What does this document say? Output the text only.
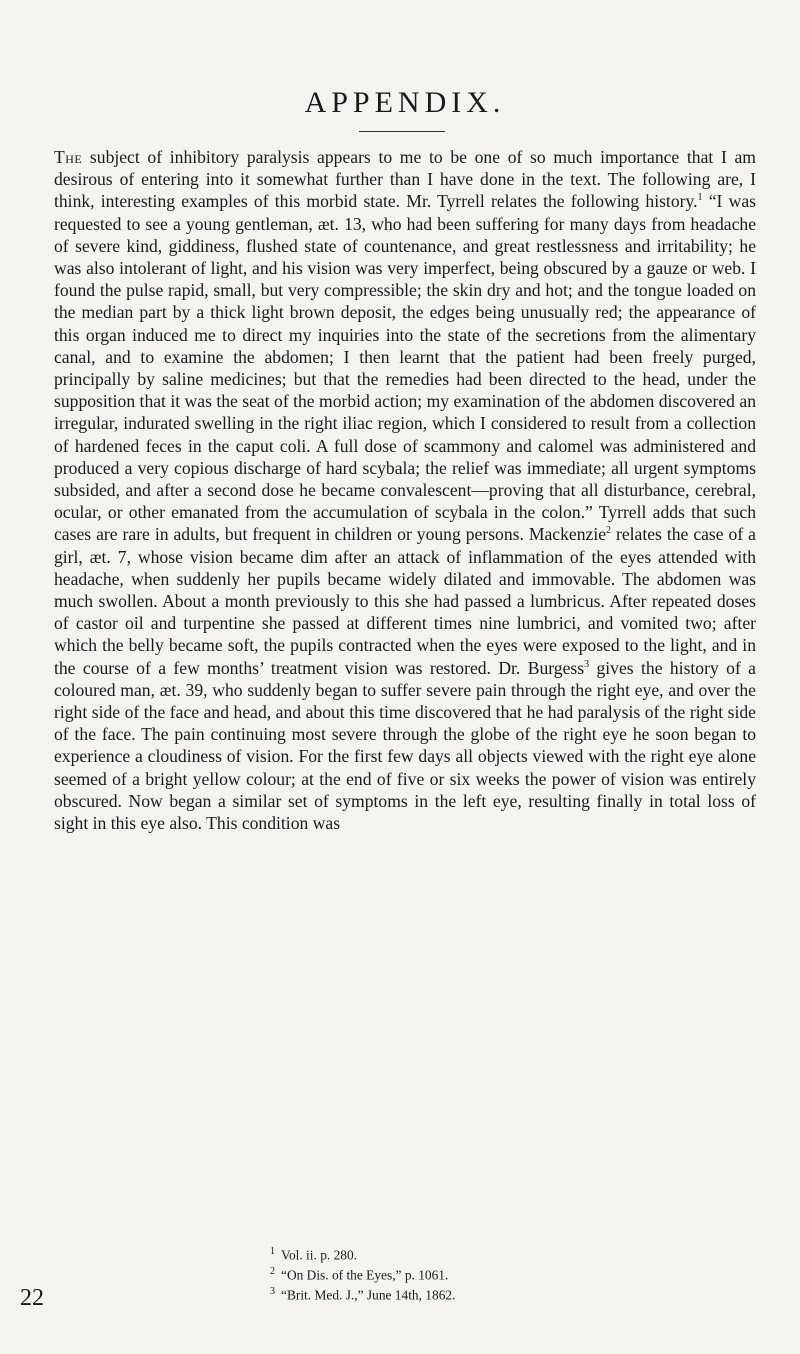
APPENDIX.

The subject of inhibitory paralysis appears to me to be one of so much importance that I am desirous of entering into it somewhat further than I have done in the text. The following are, I think, interesting examples of this morbid state. Mr. Tyrrell relates the following history.$^1$ “I was requested to see a young gentleman, æt. 13, who had been suffering for many days from headache of severe kind, giddiness, flushed state of countenance, and great restlessness and irritability; he was also intolerant of light, and his vision was very imperfect, being obscured by a gauze or web. I found the pulse rapid, small, but very compressible; the skin dry and hot; and the tongue loaded on the median part by a thick light brown deposit, the edges being unusually red; the appearance of this organ induced me to direct my inquiries into the state of the secretions from the alimentary canal, and to examine the abdomen; I then learnt that the patient had been freely purged, principally by saline medicines; but that the remedies had been directed to the head, under the supposition that it was the seat of the morbid action; my examination of the abdomen discovered an irregular, indurated swelling in the right iliac region, which I considered to result from a collection of hardened feces in the caput coli. A full dose of scammony and calomel was administered and produced a very copious discharge of hard scybala; the relief was immediate; all urgent symptoms subsided, and after a second dose he became convalescent—proving that all disturbance, cerebral, ocular, or other emanated from the accumulation of scybala in the colon.” Tyrrell adds that such cases are rare in adults, but frequent in children or young persons. Mackenzie$^2$ relates the case of a girl, æt. 7, whose vision became dim after an attack of inflammation of the eyes attended with headache, when suddenly her pupils became widely dilated and immovable. The abdomen was much swollen. About a month previously to this she had passed a lumbricus. After repeated doses of castor oil and turpentine she passed at different times nine lumbrici, and vomited two; after which the belly became soft, the pupils contracted when the eyes were exposed to the light, and in the course of a few months’ treatment vision was restored. Dr. Burgess$^3$ gives the history of a coloured man, æt. 39, who suddenly began to suffer severe pain through the right eye, and over the right side of the face and head, and about this time discovered that he had paralysis of the right side of the face. The pain continuing most severe through the globe of the right eye he soon began to experience a cloudiness of vision. For the first few days all objects viewed with the right eye alone seemed of a bright yellow colour; at the end of five or six weeks the power of vision was entirely obscured. Now began a similar set of symptoms in the left eye, resulting finally in total loss of sight in this eye also. This condition was

$^1$ Vol. ii. p. 280.
$^2$ “On Dis. of the Eyes,” p. 1061.
$^3$ “Brit. Med. J.,” June 14th, 1862.
22
